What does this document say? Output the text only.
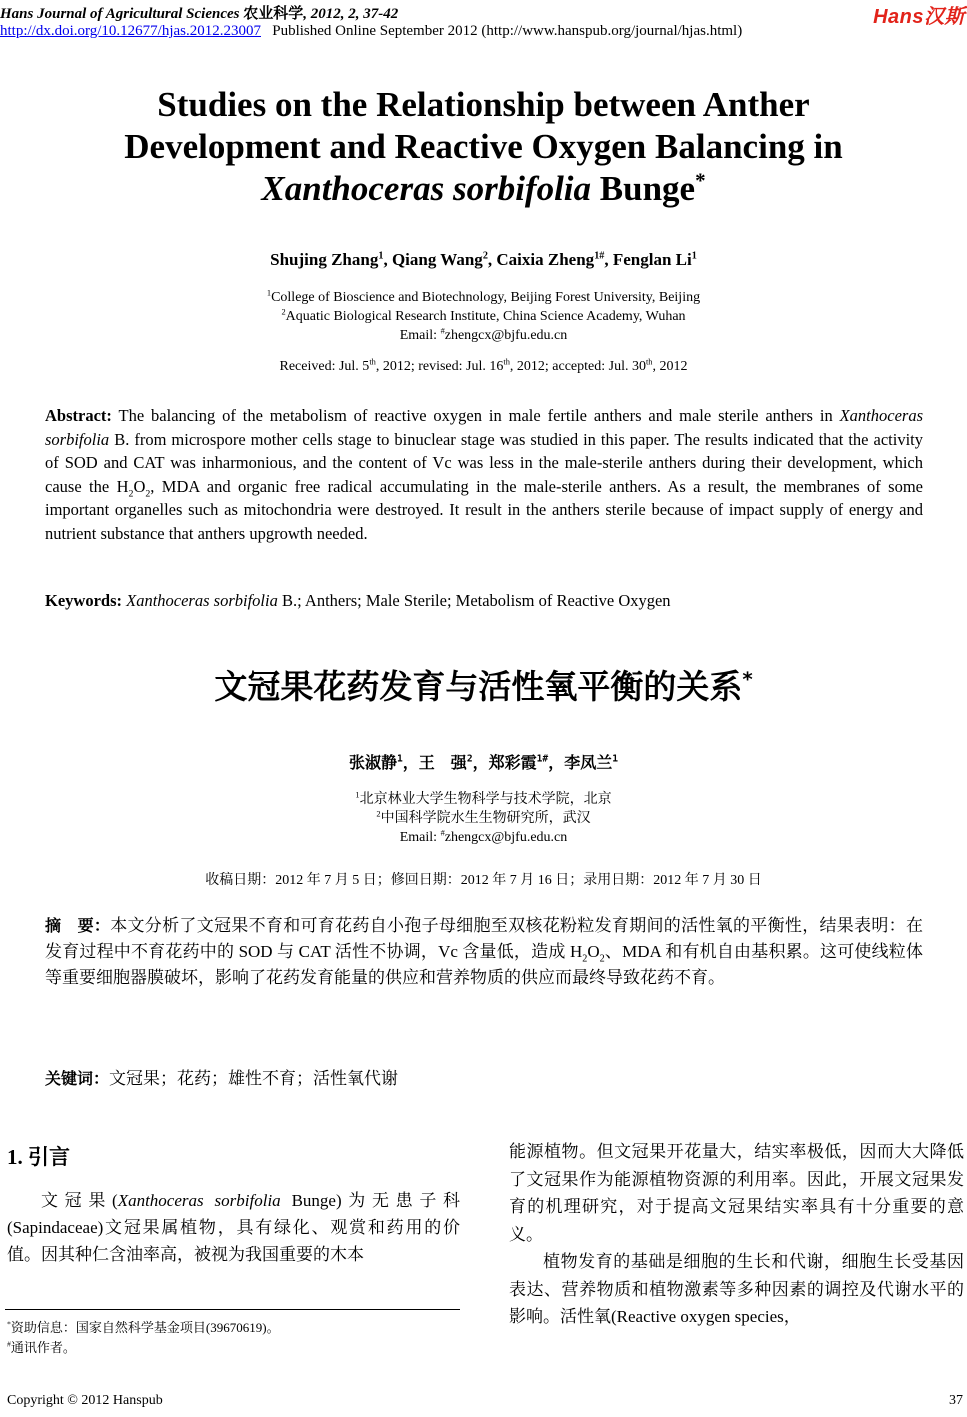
Hans Journal of Agricultural Sciences 农业科学, 2012, 2, 37-42
http://dx.doi.org/10.12677/hjas.2012.23007 Published Online September 2012 (http://www.hanspub.org/journal/hjas.html)
Hans汉斯
Studies on the Relationship between Anther
Development and Reactive Oxygen Balancing in
Xanthoceras sorbifolia Bunge*
Shujing Zhang$^1$, Qiang Wang$^2$, Caixia Zheng$^{1\#}$, Fenglan Li$^1$
$^1$College of Bioscience and Biotechnology, Beijing Forest University, Beijing
$^2$Aquatic Biological Research Institute, China Science Academy, Wuhan
Email: #zhengcx@bjfu.edu.cn
Received: Jul. 5th, 2012; revised: Jul. 16th, 2012; accepted: Jul. 30th, 2012
Abstract: The balancing of the metabolism of reactive oxygen in male fertile anthers and male sterile anthers in Xanthoceras sorbifolia B. from microspore mother cells stage to binuclear stage was studied in this paper. The results indicated that the activity of SOD and CAT was inharmonious, and the content of Vc was less in the male-sterile anthers during their development, which cause the $H_2O_2$, MDA and organic free radical accumulating in the male-sterile anthers. As a result, the membranes of some important organelles such as mitochondria were destroyed. It result in the anthers sterile because of impact supply of energy and nutrient substance that anthers upgrowth needed.
Keywords: Xanthoceras sorbifolia B.; Anthers; Male Sterile; Metabolism of Reactive Oxygen
文冠果花药发育与活性氧平衡的关系*
张淑静$^1$，王　强$^2$，郑彩霞$^{1\#}$，李凤兰$^1$
$^1$北京林业大学生物科学与技术学院，北京
$^2$中国科学院水生生物研究所，武汉
Email: #zhengcx@bjfu.edu.cn
收稿日期：2012 年 7 月 5 日；修回日期：2012 年 7 月 16 日；录用日期：2012 年 7 月 30 日
摘　要：本文分析了文冠果不育和可育花药自小孢子母细胞至双核花粉粒发育期间的活性氧的平衡性，结果表明：在发育过程中不育花药中的 SOD 与 CAT 活性不协调，Vc 含量低，造成 $H_2O_2$、MDA 和有机自由基积累。这可使线粒体等重要细胞器膜破坏，影响了花药发育能量的供应和营养物质的供应而最终导致花药不育。
关键词：文冠果；花药；雄性不育；活性氧代谢
1. 引言

文冠果(Xanthoceras sorbifolia Bunge)为无患子科(Sapindaceae)文冠果属植物，具有绿化、观赏和药用的价值。因其种仁含油率高，被视为我国重要的木本

能源植物。但文冠果开花量大，结实率极低，因而大大降低了文冠果作为能源植物资源的利用率。因此，开展文冠果发育的机理研究，对于提高文冠果结实率具有十分重要的意义。

植物发育的基础是细胞的生长和代谢，细胞生长受基因表达、营养物质和植物激素等多种因素的调控及代谢水平的影响。活性氧(Reactive oxygen species，

*资助信息：国家自然科学基金项目(39670619)。
#通讯作者。
Copyright © 2012 Hanspub	37
